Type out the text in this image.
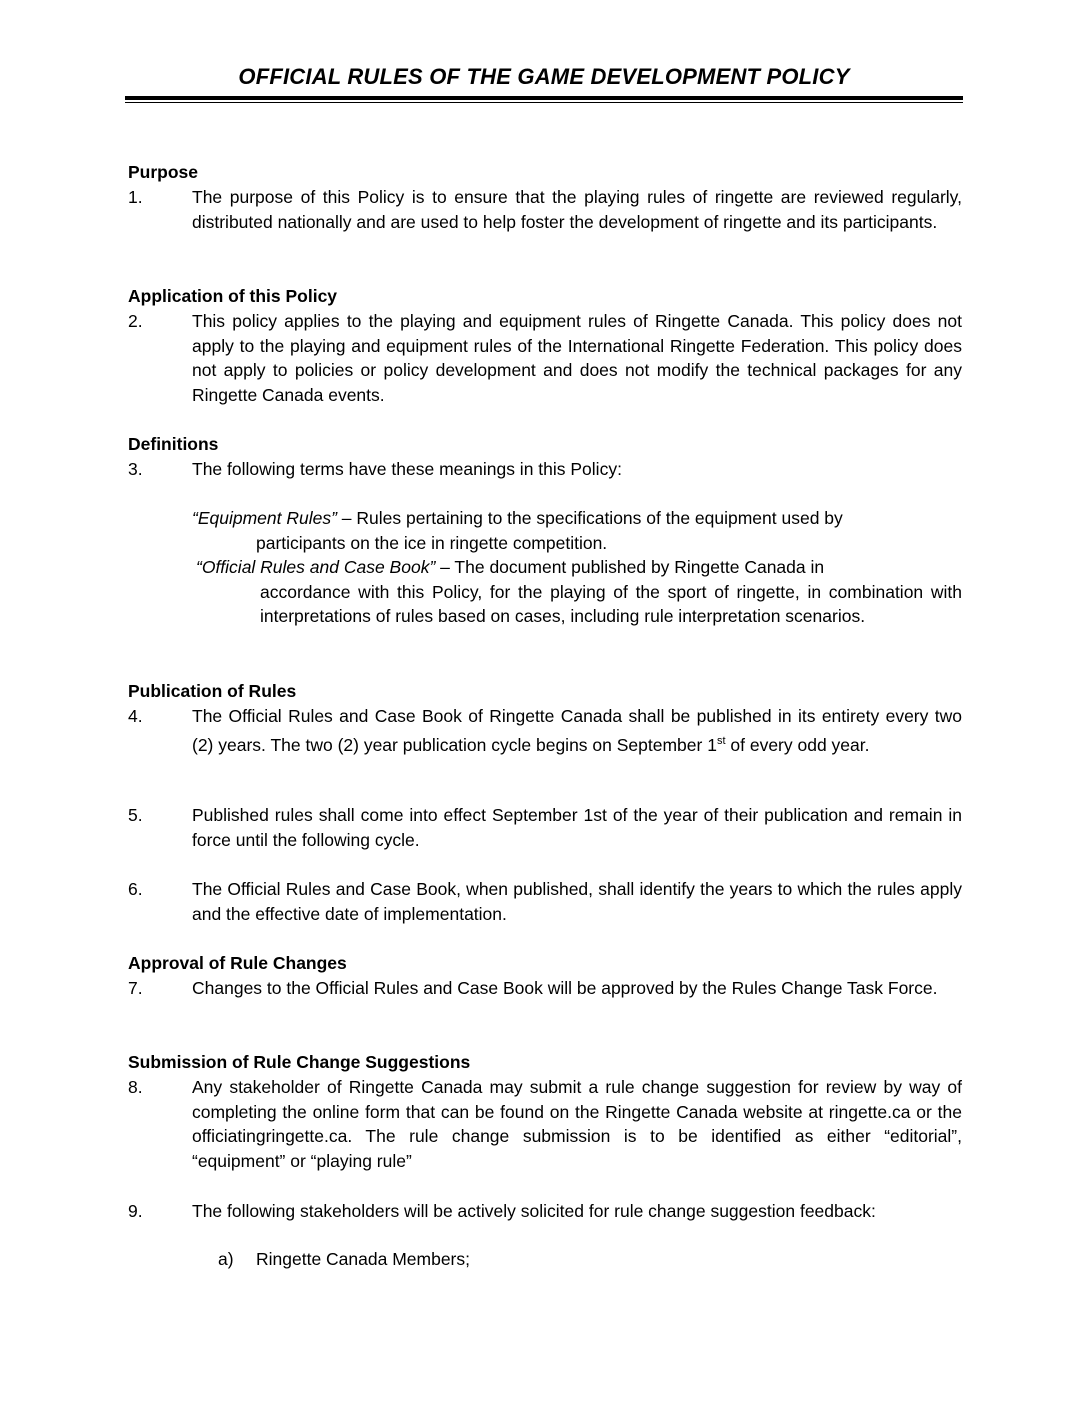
OFFICIAL RULES OF THE GAME DEVELOPMENT POLICY
Purpose
1.	The purpose of this Policy is to ensure that the playing rules of ringette are reviewed regularly, distributed nationally and are used to help foster the development of ringette and its participants.
Application of this Policy
2.	This policy applies to the playing and equipment rules of Ringette Canada. This policy does not apply to the playing and equipment rules of the International Ringette Federation. This policy does not apply to policies or policy development and does not modify the technical packages for any Ringette Canada events.
Definitions
3.	The following terms have these meanings in this Policy:
“Equipment Rules” – Rules pertaining to the specifications of the equipment used by
participants on the ice in ringette competition.
“Official Rules and Case Book” – The document published by Ringette Canada in
accordance with this Policy, for the playing of the sport of ringette, in combination with interpretations of rules based on cases, including rule interpretation scenarios.
Publication of Rules
4.	The Official Rules and Case Book of Ringette Canada shall be published in its entirety every two (2) years. The two (2) year publication cycle begins on September 1st of every odd year.
5.	Published rules shall come into effect September 1st of the year of their publication and remain in force until the following cycle.
6.	The Official Rules and Case Book, when published, shall identify the years to which the rules apply and the effective date of implementation.
Approval of Rule Changes
7.	Changes to the Official Rules and Case Book will be approved by the Rules Change Task Force.
Submission of Rule Change Suggestions
8.	Any stakeholder of Ringette Canada may submit a rule change suggestion for review by way of completing the online form that can be found on the Ringette Canada website at ringette.ca or the officiatingringette.ca. The rule change submission is to be identified as either “editorial”, “equipment” or “playing rule”
9.	The following stakeholders will be actively solicited for rule change suggestion feedback:
a) Ringette Canada Members;
